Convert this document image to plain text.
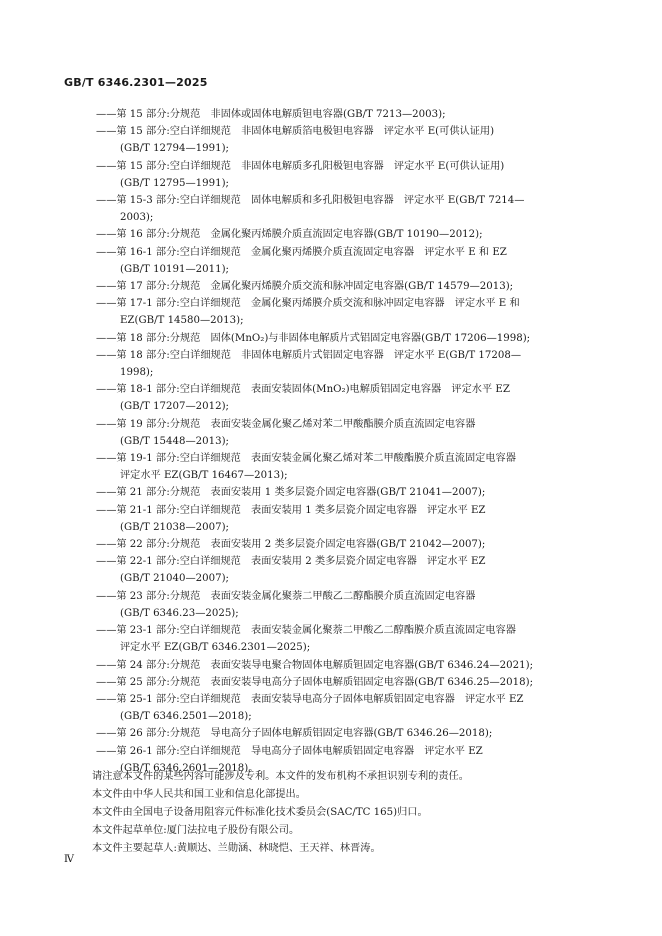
GB/T 6346.2301—2025
——第 15 部分:分规范　非固体或固体电解质钽电容器(GB/T 7213—2003);
——第 15 部分:空白详细规范　非固体电解质箔电极钽电容器　评定水平 E(可供认证用)
(GB/T 12794—1991);
——第 15 部分:空白详细规范　非固体电解质多孔阳极钽电容器　评定水平 E(可供认证用)
(GB/T 12795—1991);
——第 15-3 部分:空白详细规范　固体电解质和多孔阳极钽电容器　评定水平 E(GB/T 7214—
2003);
——第 16 部分:分规范　金属化聚丙烯膜介质直流固定电容器(GB/T 10190—2012);
——第 16-1 部分:空白详细规范　金属化聚丙烯膜介质直流固定电容器　评定水平 E 和 EZ
(GB/T 10191—2011);
——第 17 部分:分规范　金属化聚丙烯膜介质交流和脉冲固定电容器(GB/T 14579—2013);
——第 17-1 部分:空白详细规范　金属化聚丙烯膜介质交流和脉冲固定电容器　评定水平 E 和
EZ(GB/T 14580—2013);
——第 18 部分:分规范　固体(MnO₂)与非固体电解质片式铝固定电容器(GB/T 17206—1998);
——第 18 部分:空白详细规范　非固体电解质片式铝固定电容器　评定水平 E(GB/T 17208—
1998);
——第 18-1 部分:空白详细规范　表面安装固体(MnO₂)电解质铝固定电容器　评定水平 EZ
(GB/T 17207—2012);
——第 19 部分:分规范　表面安装金属化聚乙烯对苯二甲酸酯膜介质直流固定电容器
(GB/T 15448—2013);
——第 19-1 部分:空白详细规范　表面安装金属化聚乙烯对苯二甲酸酯膜介质直流固定电容器
评定水平 EZ(GB/T 16467—2013);
——第 21 部分:分规范　表面安装用 1 类多层瓷介固定电容器(GB/T 21041—2007);
——第 21-1 部分:空白详细规范　表面安装用 1 类多层瓷介固定电容器　评定水平 EZ
(GB/T 21038—2007);
——第 22 部分:分规范　表面安装用 2 类多层瓷介固定电容器(GB/T 21042—2007);
——第 22-1 部分:空白详细规范　表面安装用 2 类多层瓷介固定电容器　评定水平 EZ
(GB/T 21040—2007);
——第 23 部分:分规范　表面安装金属化聚萘二甲酸乙二醇酯膜介质直流固定电容器
(GB/T 6346.23—2025);
——第 23-1 部分:空白详细规范　表面安装金属化聚萘二甲酸乙二醇酯膜介质直流固定电容器
评定水平 EZ(GB/T 6346.2301—2025);
——第 24 部分:分规范　表面安装导电聚合物固体电解质钽固定电容器(GB/T 6346.24—2021);
——第 25 部分:分规范　表面安装导电高分子固体电解质铝固定电容器(GB/T 6346.25—2018);
——第 25-1 部分:空白详细规范　表面安装导电高分子固体电解质铝固定电容器　评定水平 EZ
(GB/T 6346.2501—2018);
——第 26 部分:分规范　导电高分子固体电解质铝固定电容器(GB/T 6346.26—2018);
——第 26-1 部分:空白详细规范　导电高分子固体电解质铝固定电容器　评定水平 EZ
(GB/T 6346.2601—2018)。
请注意本文件的某些内容可能涉及专利。本文件的发布机构不承担识别专利的责任。
本文件由中华人民共和国工业和信息化部提出。
本文件由全国电子设备用阻容元件标准化技术委员会(SAC/TC 165)归口。
本文件起草单位:厦门法拉电子股份有限公司。
本文件主要起草人:黄顺达、兰勋涵、林晓恺、王天祥、林晋涛。
Ⅳ
